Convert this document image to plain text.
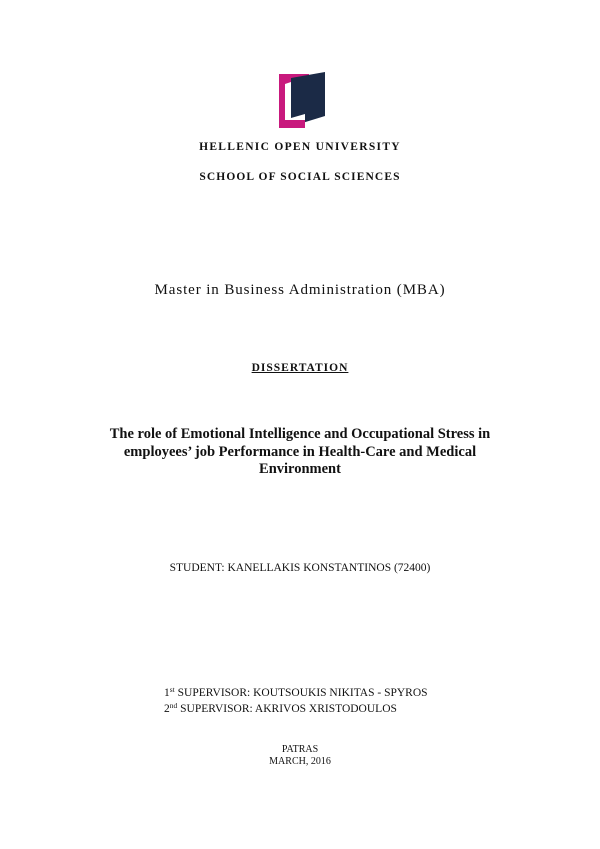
HELLENIC OPEN UNIVERSITY
SCHOOL OF SOCIAL SCIENCES
Master in Business Administration (MBA)
DISSERTATION
The role of Emotional Intelligence and Occupational Stress in
employees’ job Performance in Health-Care and Medical
Environment
STUDENT: KANELLAKIS KONSTANTINOS (72400)
1st SUPERVISOR: KOUTSOUKIS NIKITAS - SPYROS
2nd SUPERVISOR: AKRIVOS XRISTODOULOS
PATRAS
MARCH, 2016
